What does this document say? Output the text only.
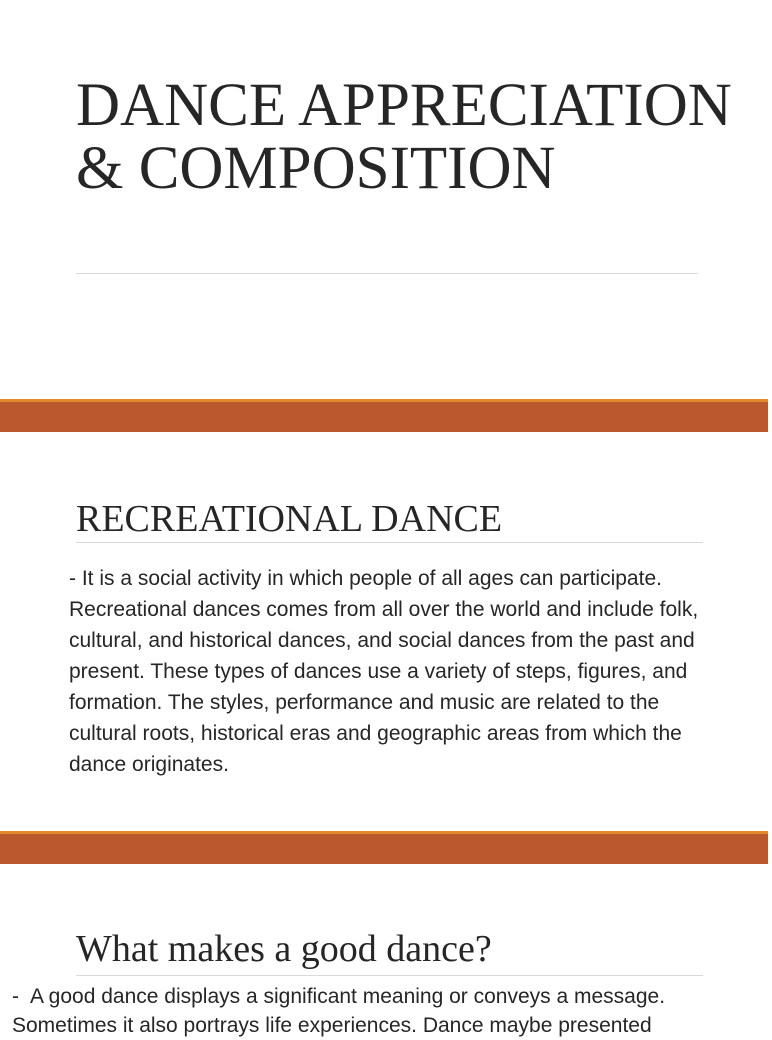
DANCE APPRECIATION & COMPOSITION
RECREATIONAL DANCE

- It is a social activity in which people of all ages can participate. Recreational dances comes from all over the world and include folk, cultural, and historical dances, and social dances from the past and present. These types of dances use a variety of steps, figures, and formation. The styles, performance and music are related to the cultural roots, historical eras and geographic areas from which the dance originates.

What makes a good dance?

- A good dance displays a significant meaning or conveys a message. Sometimes it also portrays life experiences. Dance maybe presented
